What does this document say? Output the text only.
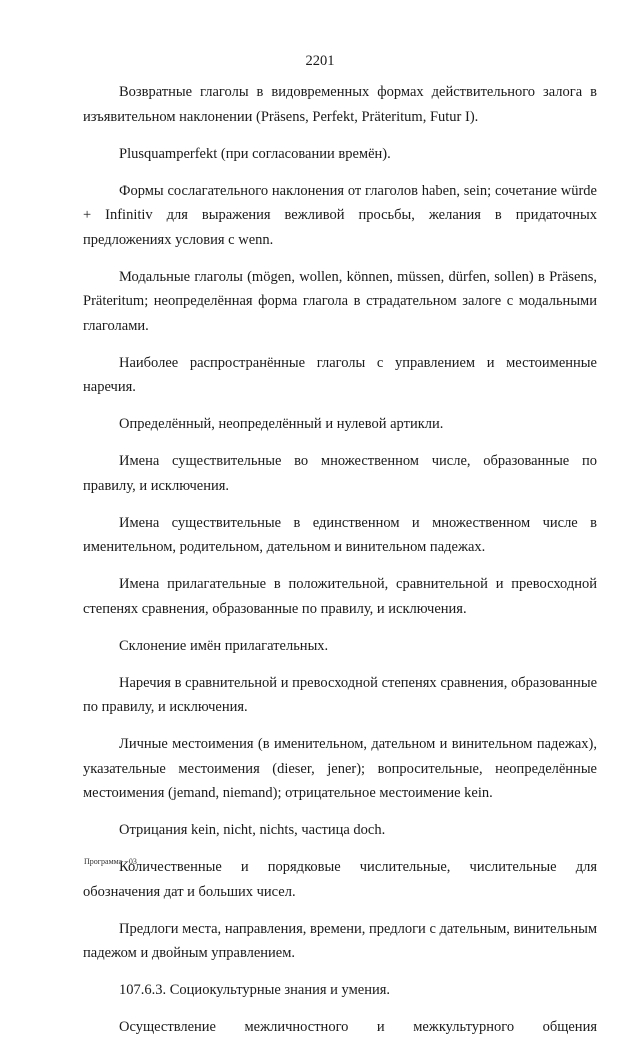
2201

Возвратные глаголы в видовременных формах действительного залога в изъявительном наклонении (Präsens, Perfekt, Präteritum, Futur I).

Plusquamperfekt (при согласовании времён).

Формы сослагательного наклонения от глаголов haben, sein; сочетание würde + Infinitiv для выражения вежливой просьбы, желания в придаточных предложениях условия с wenn.

Модальные глаголы (mögen, wollen, können, müssen, dürfen, sollen) в Präsens, Präteritum; неопределённая форма глагола в страдательном залоге с модальными глаголами.

Наиболее распространённые глаголы с управлением и местоименные наречия.

Определённый, неопределённый и нулевой артикли.

Имена существительные во множественном числе, образованные по правилу, и исключения.

Имена существительные в единственном и множественном числе в именительном, родительном, дательном и винительном падежах.

Имена прилагательные в положительной, сравнительной и превосходной степенях сравнения, образованные по правилу, и исключения.

Склонение имён прилагательных.

Наречия в сравнительной и превосходной степенях сравнения, образованные по правилу, и исключения.

Личные местоимения (в именительном, дательном и винительном падежах), указательные местоимения (dieser, jener); вопросительные, неопределённые местоимения (jemand, niemand); отрицательное местоимение kein.

Отрицания kein, nicht, nichts, частица doch.

Количественные и порядковые числительные, числительные для обозначения дат и больших чисел.

Предлоги места, направления, времени, предлоги с дательным, винительным падежом и двойным управлением.

107.6.3. Социокультурные знания и умения.

Осуществление межличностного и межкультурного общения

Программа - 03
